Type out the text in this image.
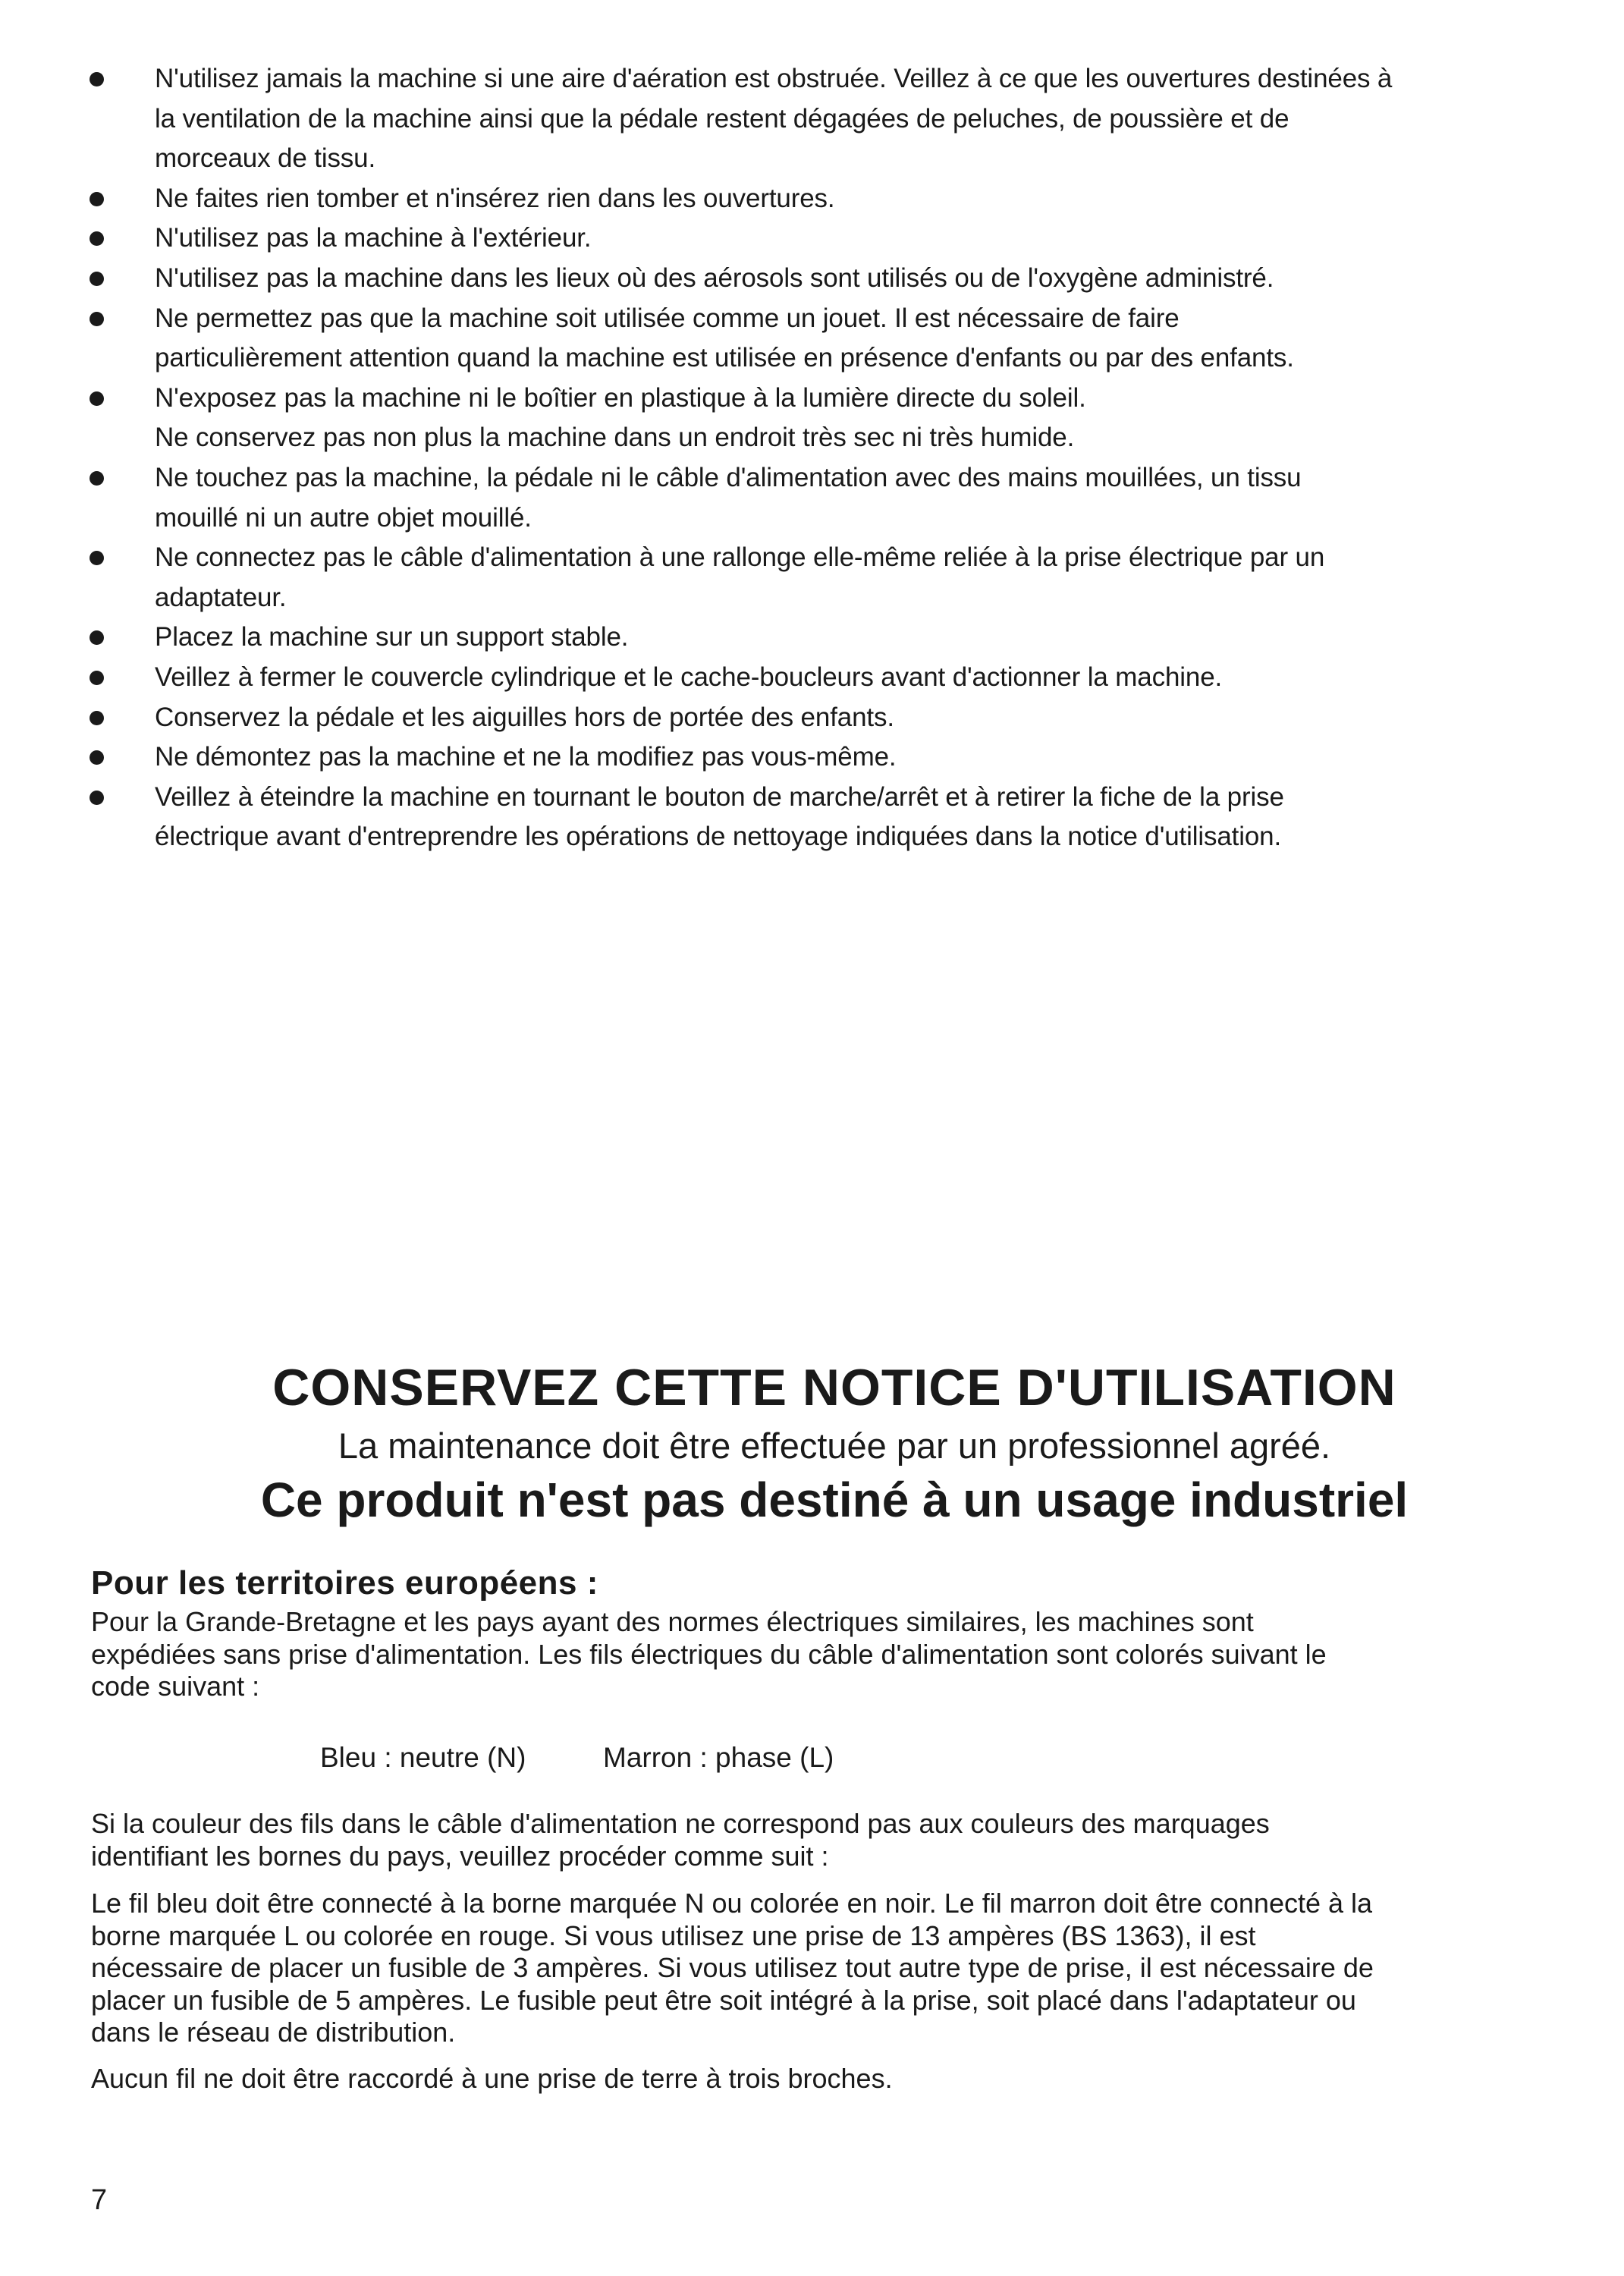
N'utilisez jamais la machine si une aire d'aération est obstruée. Veillez à ce que les ouvertures destinées à
la ventilation de la machine ainsi que la pédale restent dégagées de peluches, de poussière et de
morceaux de tissu.
Ne faites rien tomber et n'insérez rien dans les ouvertures.
N'utilisez pas la machine à l'extérieur.
N'utilisez pas la machine dans les lieux où des aérosols sont utilisés ou de l'oxygène administré.
Ne permettez pas que la machine soit utilisée comme un jouet. Il est nécessaire de faire
particulièrement attention quand la machine est utilisée en présence d'enfants ou par des enfants.
N'exposez pas la machine ni le boîtier en plastique à la lumière directe du soleil.
Ne conservez pas non plus la machine dans un endroit très sec ni très humide.
Ne touchez pas la machine, la pédale ni le câble d'alimentation avec des mains mouillées, un tissu
mouillé ni un autre objet mouillé.
Ne connectez pas le câble d'alimentation à une rallonge elle-même reliée à la prise électrique par un
adaptateur.
Placez la machine sur un support stable.
Veillez à fermer le couvercle cylindrique et le cache-boucleurs avant d'actionner la machine.
Conservez la pédale et les aiguilles hors de portée des enfants.
Ne démontez pas la machine et ne la modifiez pas vous-même.
Veillez à éteindre la machine en tournant le bouton de marche/arrêt et à retirer la fiche de la prise
électrique avant d'entreprendre les opérations de nettoyage indiquées dans la notice d'utilisation.
CONSERVEZ CETTE NOTICE D'UTILISATION
La maintenance doit être effectuée par un professionnel agréé.
Ce produit n'est pas destiné à un usage industriel
Pour les territoires européens :

Pour la Grande-Bretagne et les pays ayant des normes électriques similaires, les machines sont
expédiées sans prise d'alimentation. Les fils électriques du câble d'alimentation sont colorés suivant le
code suivant :

Bleu : neutre (N)	Marron : phase (L)

Si la couleur des fils dans le câble d'alimentation ne correspond pas aux couleurs des marquages
identifiant les bornes du pays, veuillez procéder comme suit :

Le fil bleu doit être connecté à la borne marquée N ou colorée en noir. Le fil marron doit être connecté à la
borne marquée L ou colorée en rouge. Si vous utilisez une prise de 13 ampères (BS 1363), il est
nécessaire de placer un fusible de 3 ampères. Si vous utilisez tout autre type de prise, il est nécessaire de
placer un fusible de 5 ampères. Le fusible peut être soit intégré à la prise, soit placé dans l'adaptateur ou
dans le réseau de distribution.

Aucun fil ne doit être raccordé à une prise de terre à trois broches.

7
